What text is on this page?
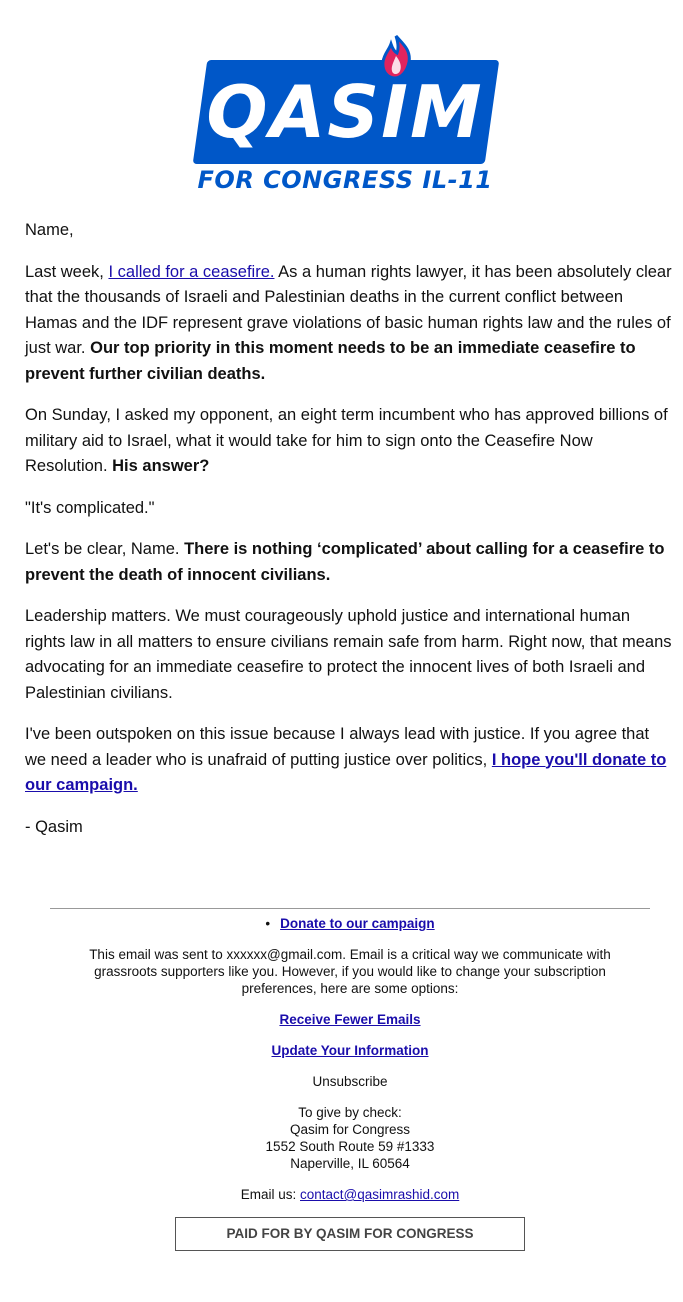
QASIM
FOR CONGRESS IL-11

Name,

Last week, I called for a ceasefire. As a human rights lawyer, it has been absolutely clear that the thousands of Israeli and Palestinian deaths in the current conflict between Hamas and the IDF represent grave violations of basic human rights law and the rules of just war. Our top priority in this moment needs to be an immediate ceasefire to prevent further civilian deaths.

On Sunday, I asked my opponent, an eight term incumbent who has approved billions of military aid to Israel, what it would take for him to sign onto the Ceasefire Now Resolution. His answer?

"It's complicated."

Let's be clear, Name. There is nothing ‘complicated’ about calling for a ceasefire to prevent the death of innocent civilians.

Leadership matters. We must courageously uphold justice and international human rights law in all matters to ensure civilians remain safe from harm. Right now, that means advocating for an immediate ceasefire to protect the innocent lives of both Israeli and Palestinian civilians.

I've been outspoken on this issue because I always lead with justice. If you agree that we need a leader who is unafraid of putting justice over politics, I hope you'll donate to our campaign.

- Qasim

• Donate to our campaign

This email was sent to xxxxxx@gmail.com. Email is a critical way we communicate with grassroots supporters like you. However, if you would like to change your subscription preferences, here are some options:

Receive Fewer Emails

Update Your Information

Unsubscribe

To give by check:
Qasim for Congress
1552 South Route 59 #1333
Naperville, IL 60564

Email us: contact@qasimrashid.com

PAID FOR BY QASIM FOR CONGRESS
